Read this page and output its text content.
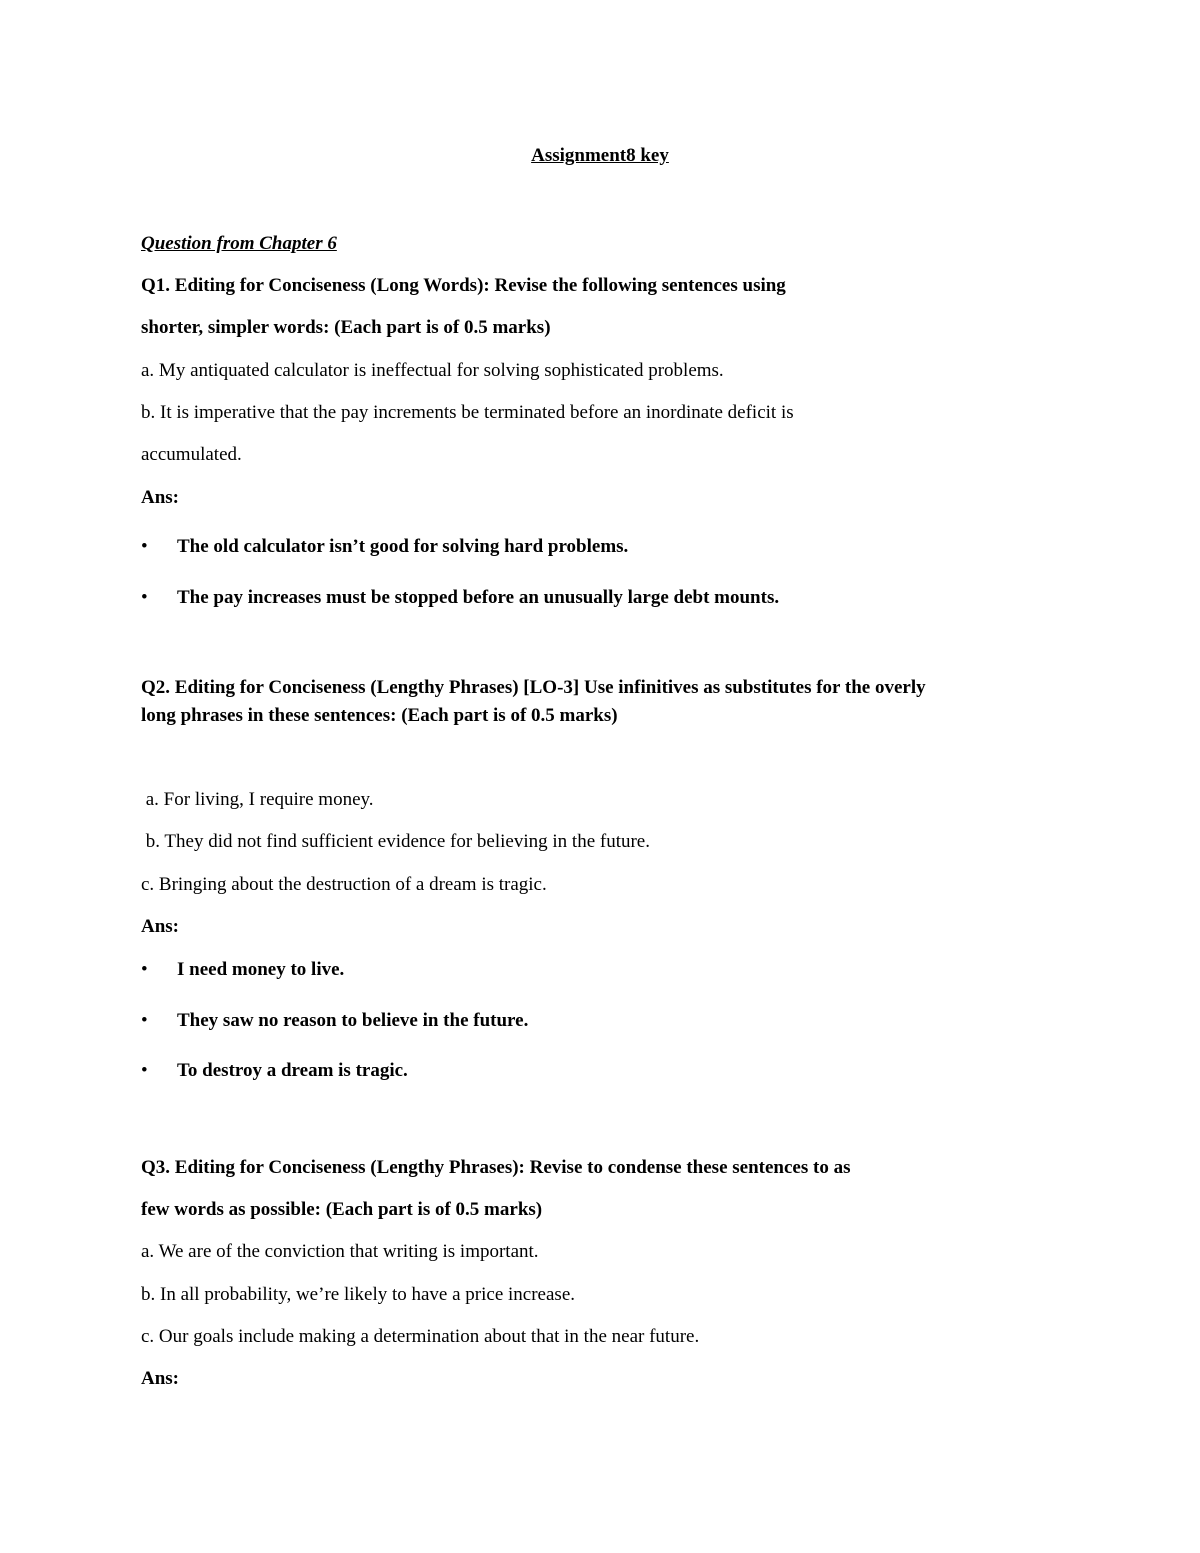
Assignment8 key
Question from Chapter 6
Q1. Editing for Conciseness (Long Words): Revise the following sentences using
shorter, simpler words: (Each part is of 0.5 marks)
a. My antiquated calculator is ineffectual for solving sophisticated problems.
b. It is imperative that the pay increments be terminated before an inordinate deficit is
accumulated.
Ans:
• The old calculator isn’t good for solving hard problems.
• The pay increases must be stopped before an unusually large debt mounts.
Q2. Editing for Conciseness (Lengthy Phrases) [LO-3] Use infinitives as substitutes for the overly
long phrases in these sentences: (Each part is of 0.5 marks)
a. For living, I require money.
b. They did not find sufficient evidence for believing in the future.
c. Bringing about the destruction of a dream is tragic.
Ans:
• I need money to live.
• They saw no reason to believe in the future.
• To destroy a dream is tragic.
Q3. Editing for Conciseness (Lengthy Phrases): Revise to condense these sentences to as
few words as possible: (Each part is of 0.5 marks)
a. We are of the conviction that writing is important.
b. In all probability, we’re likely to have a price increase.
c. Our goals include making a determination about that in the near future.
Ans:
